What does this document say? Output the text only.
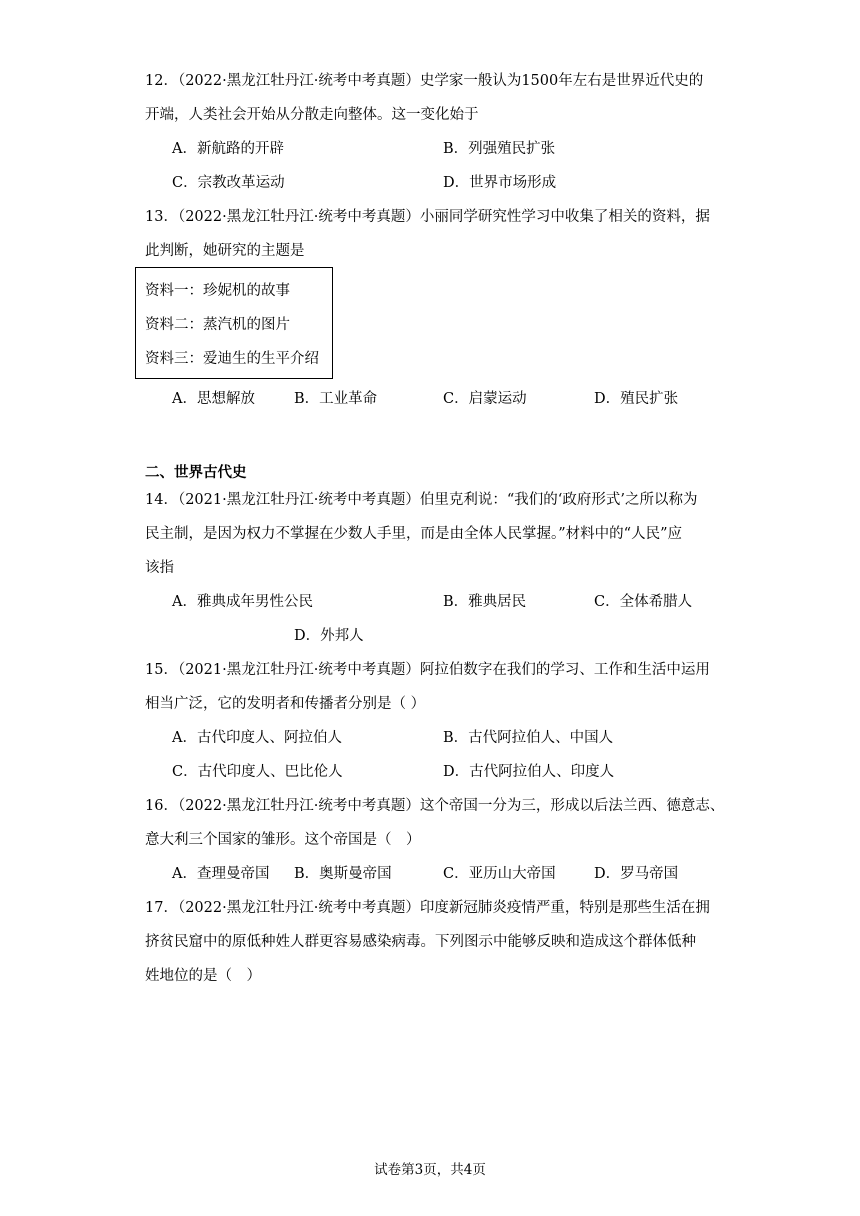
12．（2022·黑龙江牡丹江·统考中考真题）史学家一般认为1500年左右是世界近代史的
开端，人类社会开始从分散走向整体。这一变化始于
A．新航路的开辟	B．列强殖民扩张
C．宗教改革运动	D．世界市场形成
13．（2022·黑龙江牡丹江·统考中考真题）小丽同学研究性学习中收集了相关的资料，据
此判断，她研究的主题是
资料一：珍妮机的故事
资料二：蒸汽机的图片
资料三：爱迪生的生平介绍
A．思想解放	B．工业革命	C．启蒙运动	D．殖民扩张
二、世界古代史
14．（2021·黑龙江牡丹江·统考中考真题）伯里克利说：“我们的‘政府形式’之所以称为
民主制，是因为权力不掌握在少数人手里，而是由全体人民掌握。”材料中的“人民”应
该指
A．雅典成年男性公民	B．雅典居民	C．全体希腊人
D．外邦人
15．（2021·黑龙江牡丹江·统考中考真题）阿拉伯数字在我们的学习、工作和生活中运用
相当广泛，它的发明者和传播者分别是（ ）
A．古代印度人、阿拉伯人	B．古代阿拉伯人、中国人
C．古代印度人、巴比伦人	D．古代阿拉伯人、印度人
16．（2022·黑龙江牡丹江·统考中考真题）这个帝国一分为三，形成以后法兰西、德意志、
意大利三个国家的雏形。这个帝国是（　）
A．查理曼帝国 B．奥斯曼帝国	C．亚历山大帝国	D．罗马帝国
17．（2022·黑龙江牡丹江·统考中考真题）印度新冠肺炎疫情严重，特别是那些生活在拥
挤贫民窟中的原低种姓人群更容易感染病毒。下列图示中能够反映和造成这个群体低种
姓地位的是（　）
试卷第3页，共4页
